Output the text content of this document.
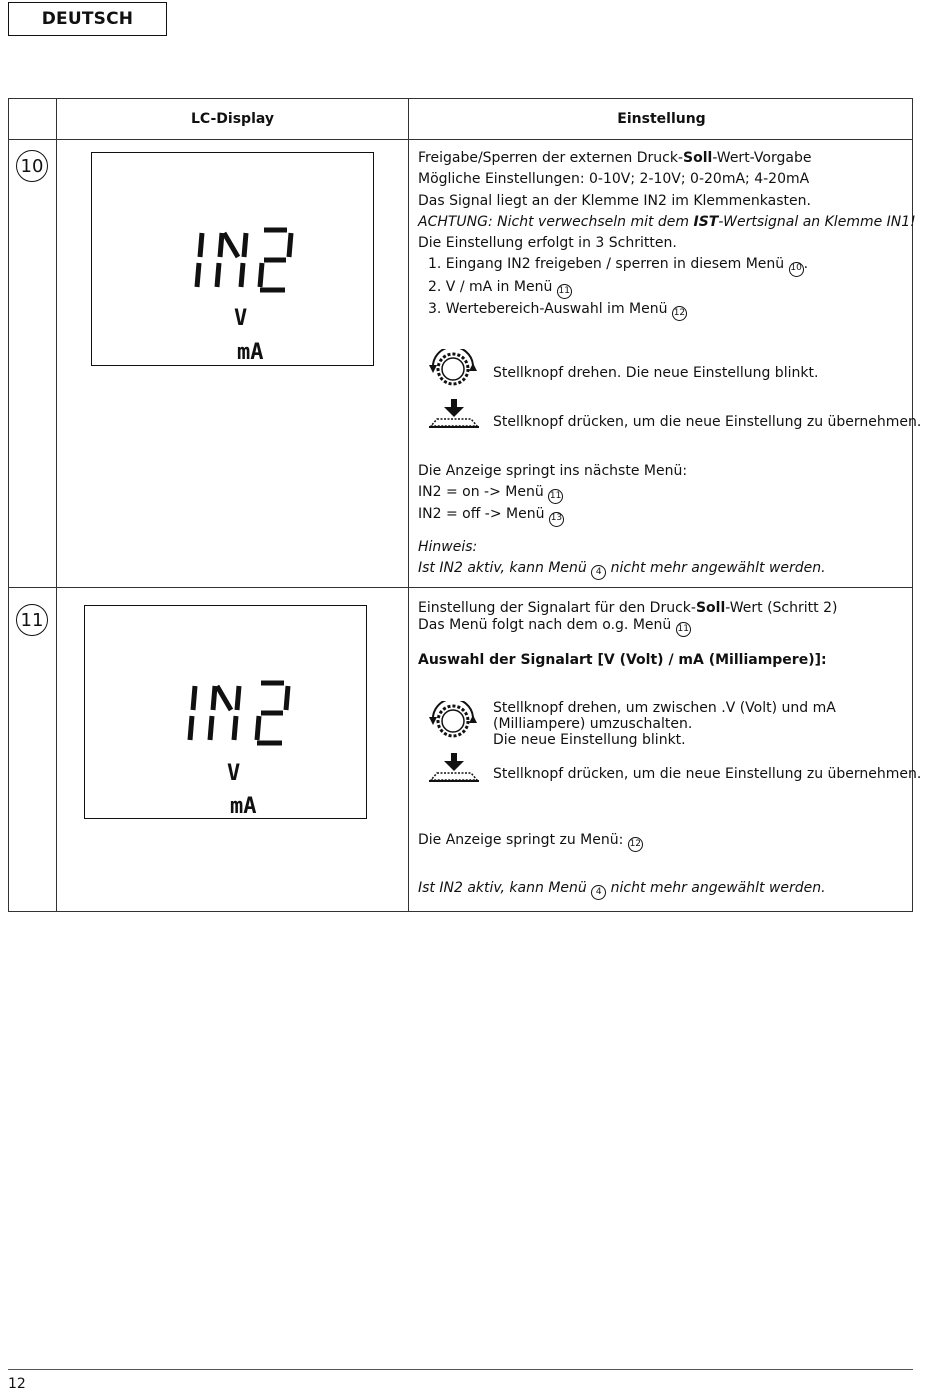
DEUTSCH
LC-Display	Einstellung
10
V
mA
Freigabe/Sperren der externen Druck-Soll-Wert-Vorgabe
Mögliche Einstellungen: 0-10V; 2-10V; 0-20mA; 4-20mA
Das Signal liegt an der Klemme IN2 im Klemmenkasten.
ACHTUNG: Nicht verwechseln mit dem IST-Wertsignal an Klemme IN1!
Die Einstellung erfolgt in 3 Schritten.
1. Eingang IN2 freigeben / sperren in diesem Menü 10 .
2. V / mA in Menü 11
3. Wertebereich-Auswahl im Menü 12
Stellknopf drehen. Die neue Einstellung blinkt.
Stellknopf drücken, um die neue Einstellung zu übernehmen.
Die Anzeige springt ins nächste Menü:
IN2 = on -> Menü 11
IN2 = off -> Menü 13
Hinweis:
Ist IN2 aktiv, kann Menü 4 nicht mehr angewählt werden.
11
V
mA
Einstellung der Signalart für den Druck-Soll-Wert (Schritt 2)
Das Menü folgt nach dem o.g. Menü 11
Auswahl der Signalart [V (Volt) / mA (Milliampere)]:
Stellknopf drehen, um zwischen .V (Volt) und mA
(Milliampere) umzuschalten.
Die neue Einstellung blinkt.
Stellknopf drücken, um die neue Einstellung zu übernehmen.
Die Anzeige springt zu Menü: 12
Ist IN2 aktiv, kann Menü 4 nicht mehr angewählt werden.
12
